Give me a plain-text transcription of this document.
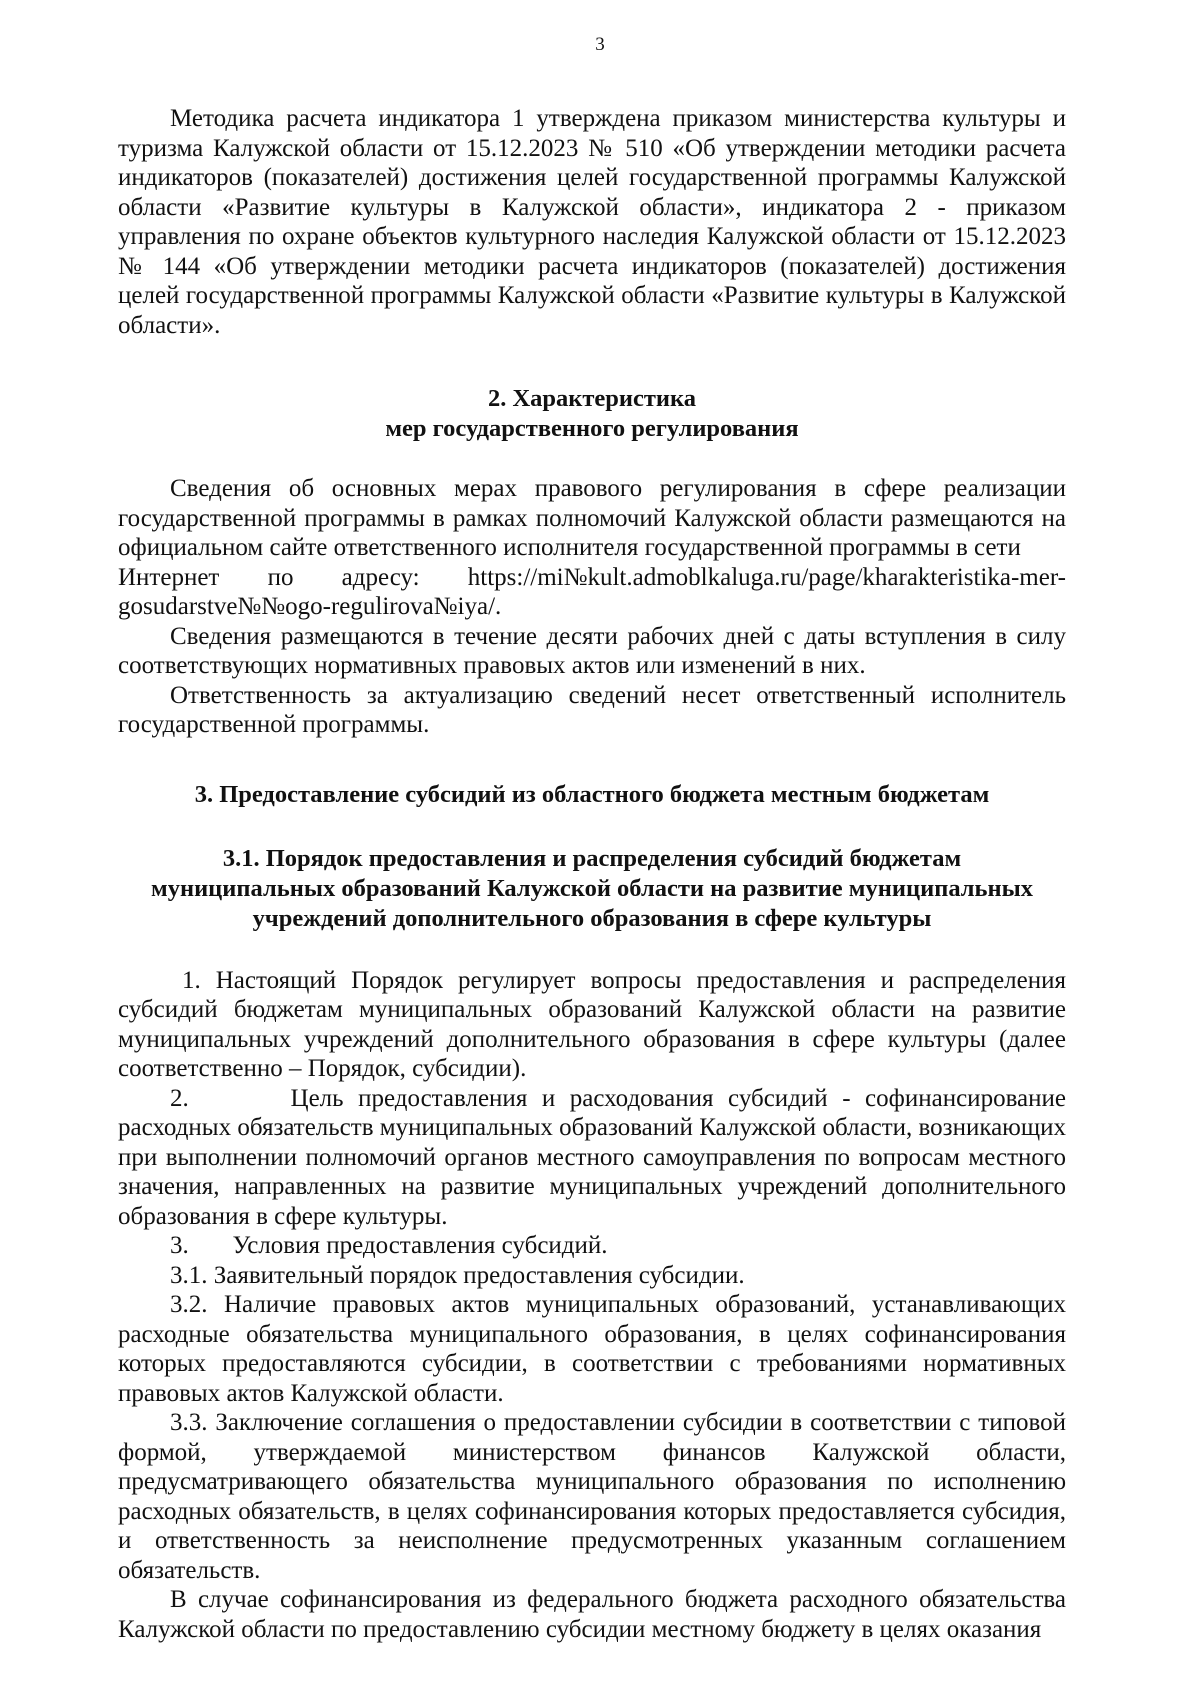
3

Методика расчета индикатора 1 утверждена приказом министерства культуры и туризма Калужской области от 15.12.2023 № 510 «Об утверждении методики расчета индикаторов (показателей) достижения целей государственной программы Калужской области «Развитие культуры в Калужской области», индикатора 2 - приказом управления по охране объектов культурного наследия Калужской области от 15.12.2023 № 144 «Об утверждении методики расчета индикаторов (показателей) достижения целей государственной программы Калужской области «Развитие культуры в Калужской области».

2. Характеристика
мер государственного регулирования

Сведения об основных мерах правового регулирования в сфере реализации государственной программы в рамках полномочий Калужской области размещаются на официальном сайте ответственного исполнителя государственной программы в сети

Интернет по адресу: https://mi№kult.admoblkaluga.ru/page/kharakteristika-mer-

gosudarstve№№ogo-regulirova№iya/.

Сведения размещаются в течение десяти рабочих дней с даты вступления в силу соответствующих нормативных правовых актов или изменений в них.

Ответственность за актуализацию сведений несет ответственный исполнитель государственной программы.

3. Предоставление субсидий из областного бюджета местным бюджетам
3.1. Порядок предоставления и распределения субсидий бюджетам
муниципальных образований Калужской области на развитие муниципальных
учреждений дополнительного образования в сфере культуры

1. Настоящий Порядок регулирует вопросы предоставления и распределения субсидий бюджетам муниципальных образований Калужской области на развитие муниципальных учреждений дополнительного образования в сфере культуры (далее соответственно – Порядок, субсидии).

2.	Цель предоставления и расходования субсидий - софинансирование расходных обязательств муниципальных образований Калужской области, возникающих при выполнении полномочий органов местного самоуправления по вопросам местного значения, направленных на развитие муниципальных учреждений дополнительного образования в сфере культуры.

3. Условия предоставления субсидий.

3.1. Заявительный порядок предоставления субсидии.

3.2. Наличие правовых актов муниципальных образований, устанавливающих расходные обязательства муниципального образования, в целях софинансирования которых предоставляются субсидии, в соответствии с требованиями нормативных правовых актов Калужской области.

3.3. Заключение соглашения о предоставлении субсидии в соответствии с типовой формой, утверждаемой министерством финансов Калужской области, предусматривающего обязательства муниципального образования по исполнению расходных обязательств, в целях софинансирования которых предоставляется субсидия, и ответственность за неисполнение предусмотренных указанным соглашением обязательств.

В случае софинансирования из федерального бюджета расходного обязательства Калужской области по предоставлению субсидии местному бюджету в целях оказания
